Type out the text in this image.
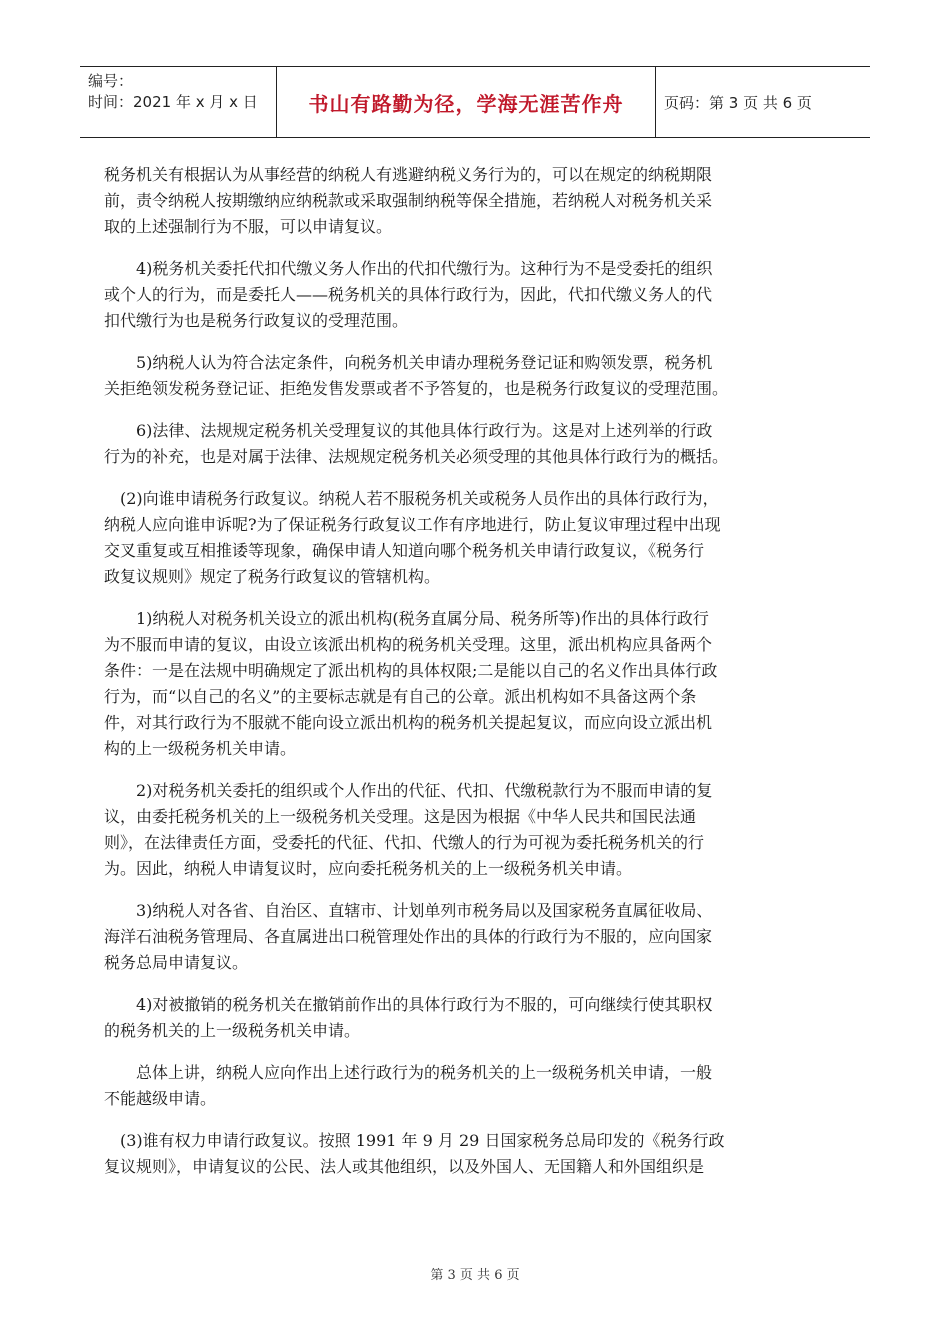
编号：
时间：2021 年 x 月 x 日	书山有路勤为径，学海无涯苦作舟	页码：第 3 页 共 6 页
税务机关有根据认为从事经营的纳税人有逃避纳税义务行为的，可以在规定的纳税期限
前，责令纳税人按期缴纳应纳税款或采取强制纳税等保全措施，若纳税人对税务机关采
取的上述强制行为不服，可以申请复议。
　　4)税务机关委托代扣代缴义务人作出的代扣代缴行为。这种行为不是受委托的组织
或个人的行为，而是委托人——税务机关的具体行政行为，因此，代扣代缴义务人的代
扣代缴行为也是税务行政复议的受理范围。
　　5)纳税人认为符合法定条件，向税务机关申请办理税务登记证和购领发票，税务机
关拒绝领发税务登记证、拒绝发售发票或者不予答复的，也是税务行政复议的受理范围。
　　6)法律、法规规定税务机关受理复议的其他具体行政行为。这是对上述列举的行政
行为的补充，也是对属于法律、法规规定税务机关必须受理的其他具体行政行为的概括。
　(2)向谁申请税务行政复议。纳税人若不服税务机关或税务人员作出的具体行政行为，
纳税人应向谁申诉呢?为了保证税务行政复议工作有序地进行，防止复议审理过程中出现
交叉重复或互相推诿等现象，确保申请人知道向哪个税务机关申请行政复议，《税务行
政复议规则》规定了税务行政复议的管辖机构。
　　1)纳税人对税务机关设立的派出机构(税务直属分局、税务所等)作出的具体行政行
为不服而申请的复议，由设立该派出机构的税务机关受理。这里，派出机构应具备两个
条件：一是在法规中明确规定了派出机构的具体权限;二是能以自己的名义作出具体行政
行为，而“以自己的名义”的主要标志就是有自己的公章。派出机构如不具备这两个条
件，对其行政行为不服就不能向设立派出机构的税务机关提起复议，而应向设立派出机
构的上一级税务机关申请。
　　2)对税务机关委托的组织或个人作出的代征、代扣、代缴税款行为不服而申请的复
议，由委托税务机关的上一级税务机关受理。这是因为根据《中华人民共和国民法通
则》，在法律责任方面，受委托的代征、代扣、代缴人的行为可视为委托税务机关的行
为。因此，纳税人申请复议时，应向委托税务机关的上一级税务机关申请。
　　3)纳税人对各省、自治区、直辖市、计划单列市税务局以及国家税务直属征收局、
海洋石油税务管理局、各直属进出口税管理处作出的具体的行政行为不服的，应向国家
税务总局申请复议。
　　4)对被撤销的税务机关在撤销前作出的具体行政行为不服的，可向继续行使其职权
的税务机关的上一级税务机关申请。
　　总体上讲，纳税人应向作出上述行政行为的税务机关的上一级税务机关申请，一般
不能越级申请。
　(3)谁有权力申请行政复议。按照 1991 年 9 月 29 日国家税务总局印发的《税务行政
复议规则》，申请复议的公民、法人或其他组织，以及外国人、无国籍人和外国组织是
第 3 页 共 6 页
